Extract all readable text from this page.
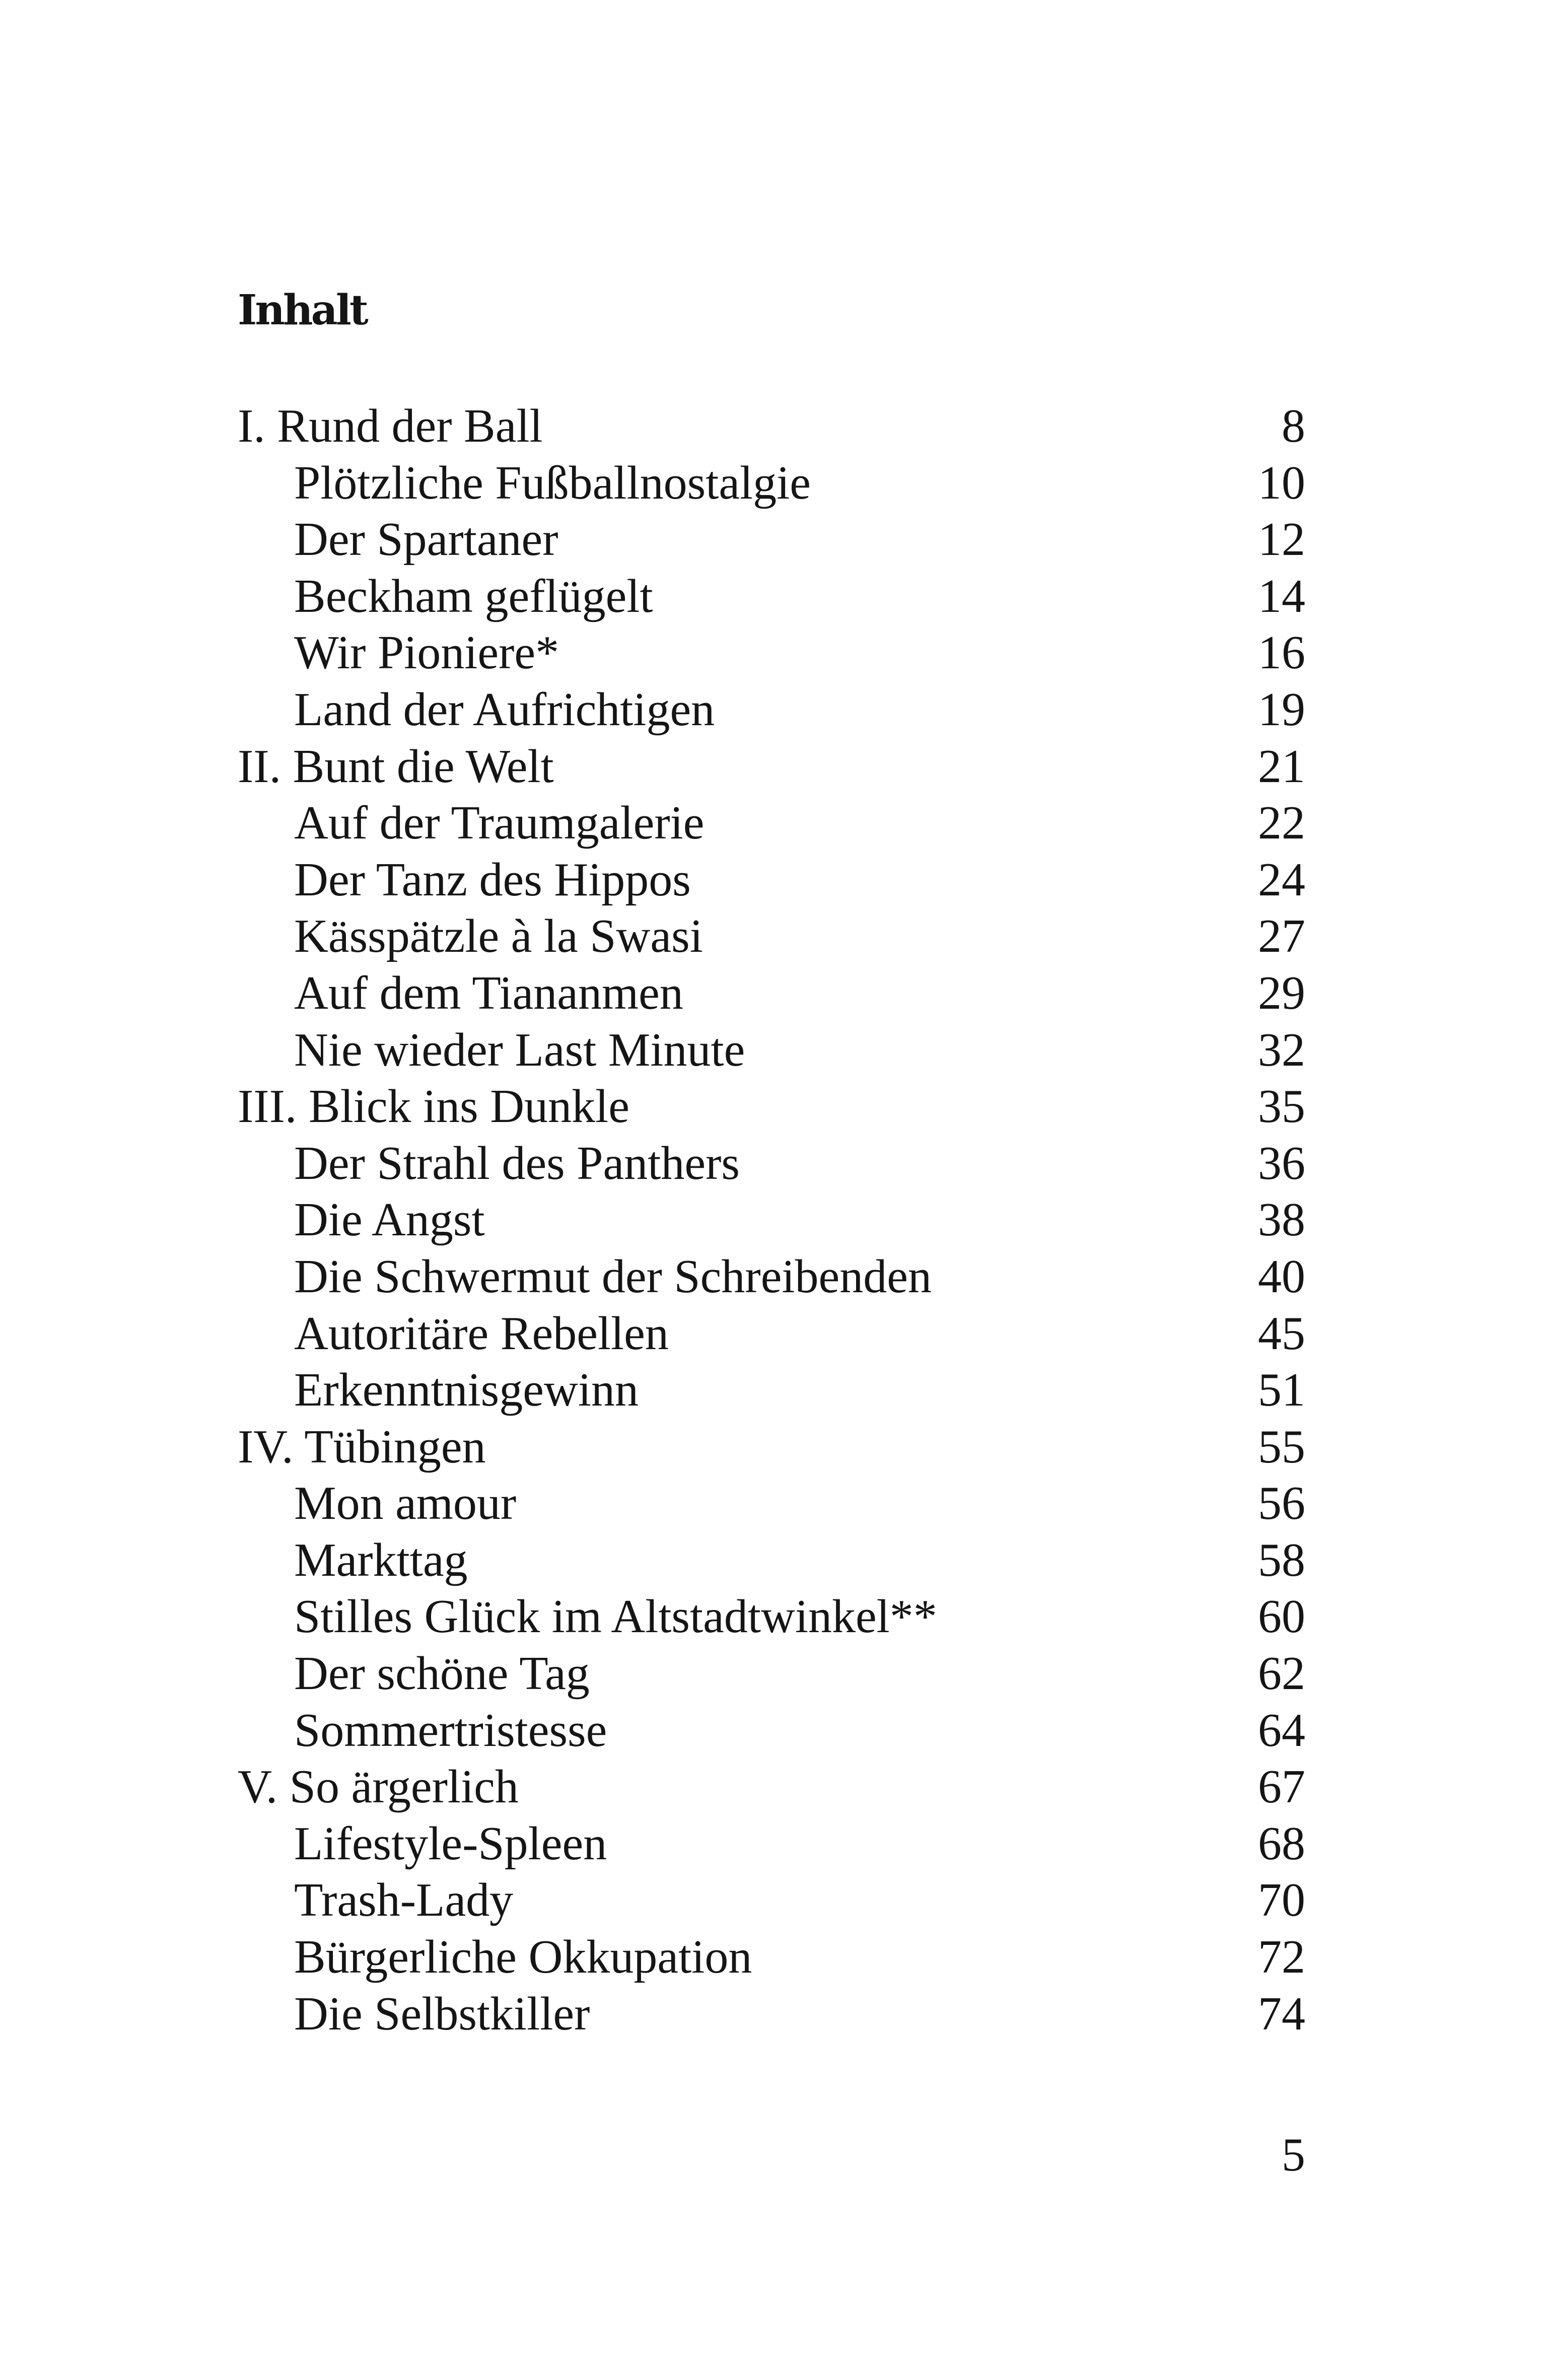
Inhalt
I. Rund der Ball	8
Plötzliche Fußballnostalgie	10
Der Spartaner	12
Beckham geflügelt	14
Wir Pioniere*	16
Land der Aufrichtigen	19
II. Bunt die Welt	21
Auf der Traumgalerie	22
Der Tanz des Hippos	24
Kässpätzle à la Swasi	27
Auf dem Tiananmen	29
Nie wieder Last Minute	32
III. Blick ins Dunkle	35
Der Strahl des Panthers	36
Die Angst	38
Die Schwermut der Schreibenden	40
Autoritäre Rebellen	45
Erkenntnisgewinn	51
IV. Tübingen	55
Mon amour	56
Markttag	58
Stilles Glück im Altstadtwinkel**	60
Der schöne Tag	62
Sommertristesse	64
V. So ärgerlich	67
Lifestyle-Spleen	68
Trash-Lady	70
Bürgerliche Okkupation	72
Die Selbstkiller	74
5
